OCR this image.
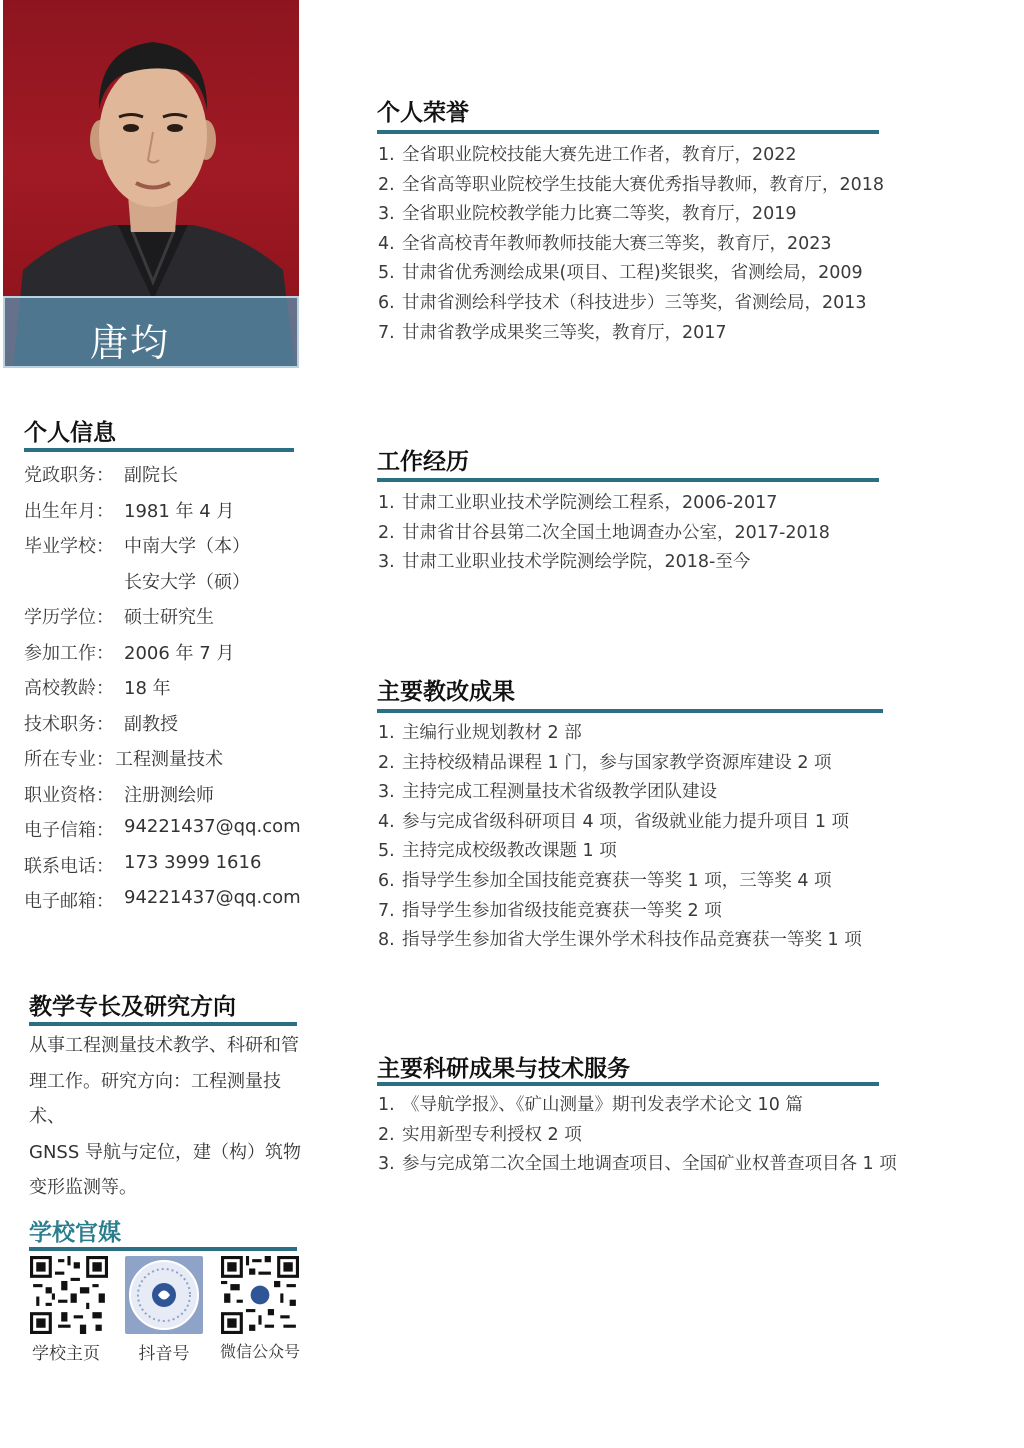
唐均
个人信息
党政职务： 副院长
出生年月： 1981 年 4 月
毕业学校： 中南大学（本）
长安大学（硕）
学历学位： 硕士研究生
参加工作： 2006 年 7 月
高校教龄： 18 年
技术职务： 副教授
所在专业： 工程测量技术
职业资格： 注册测绘师
电子信箱： 94221437@qq.com
联系电话： 173 3999 1616
电子邮箱： 94221437@qq.com
教学专长及研究方向
从事工程测量技术教学、科研和管
理工作。研究方向：工程测量技术、
GNSS 导航与定位，建（构）筑物
变形监测等。
学校官媒
学校主页	抖音号	微信公众号
个人荣誉
1. 全省职业院校技能大赛先进工作者，教育厅，2022
2. 全省高等职业院校学生技能大赛优秀指导教师，教育厅，2018
3. 全省职业院校教学能力比赛二等奖，教育厅，2019
4. 全省高校青年教师教师技能大赛三等奖，教育厅，2023
5. 甘肃省优秀测绘成果(项目、工程)奖银奖，省测绘局，2009
6. 甘肃省测绘科学技术（科技进步）三等奖，省测绘局，2013
7. 甘肃省教学成果奖三等奖，教育厅，2017
工作经历
1. 甘肃工业职业技术学院测绘工程系，2006-2017
2. 甘肃省甘谷县第二次全国土地调查办公室，2017-2018
3. 甘肃工业职业技术学院测绘学院，2018-至今
主要教改成果
1. 主编行业规划教材 2 部
2. 主持校级精品课程 1 门，参与国家教学资源库建设 2 项
3. 主持完成工程测量技术省级教学团队建设
4. 参与完成省级科研项目 4 项，省级就业能力提升项目 1 项
5. 主持完成校级教改课题 1 项
6. 指导学生参加全国技能竞赛获一等奖 1 项，三等奖 4 项
7. 指导学生参加省级技能竞赛获一等奖 2 项
8. 指导学生参加省大学生课外学术科技作品竞赛获一等奖 1 项
主要科研成果与技术服务
1. 《导航学报》、《矿山测量》期刊发表学术论文 10 篇
2. 实用新型专利授权 2 项
3. 参与完成第二次全国土地调查项目、全国矿业权普查项目各 1 项
